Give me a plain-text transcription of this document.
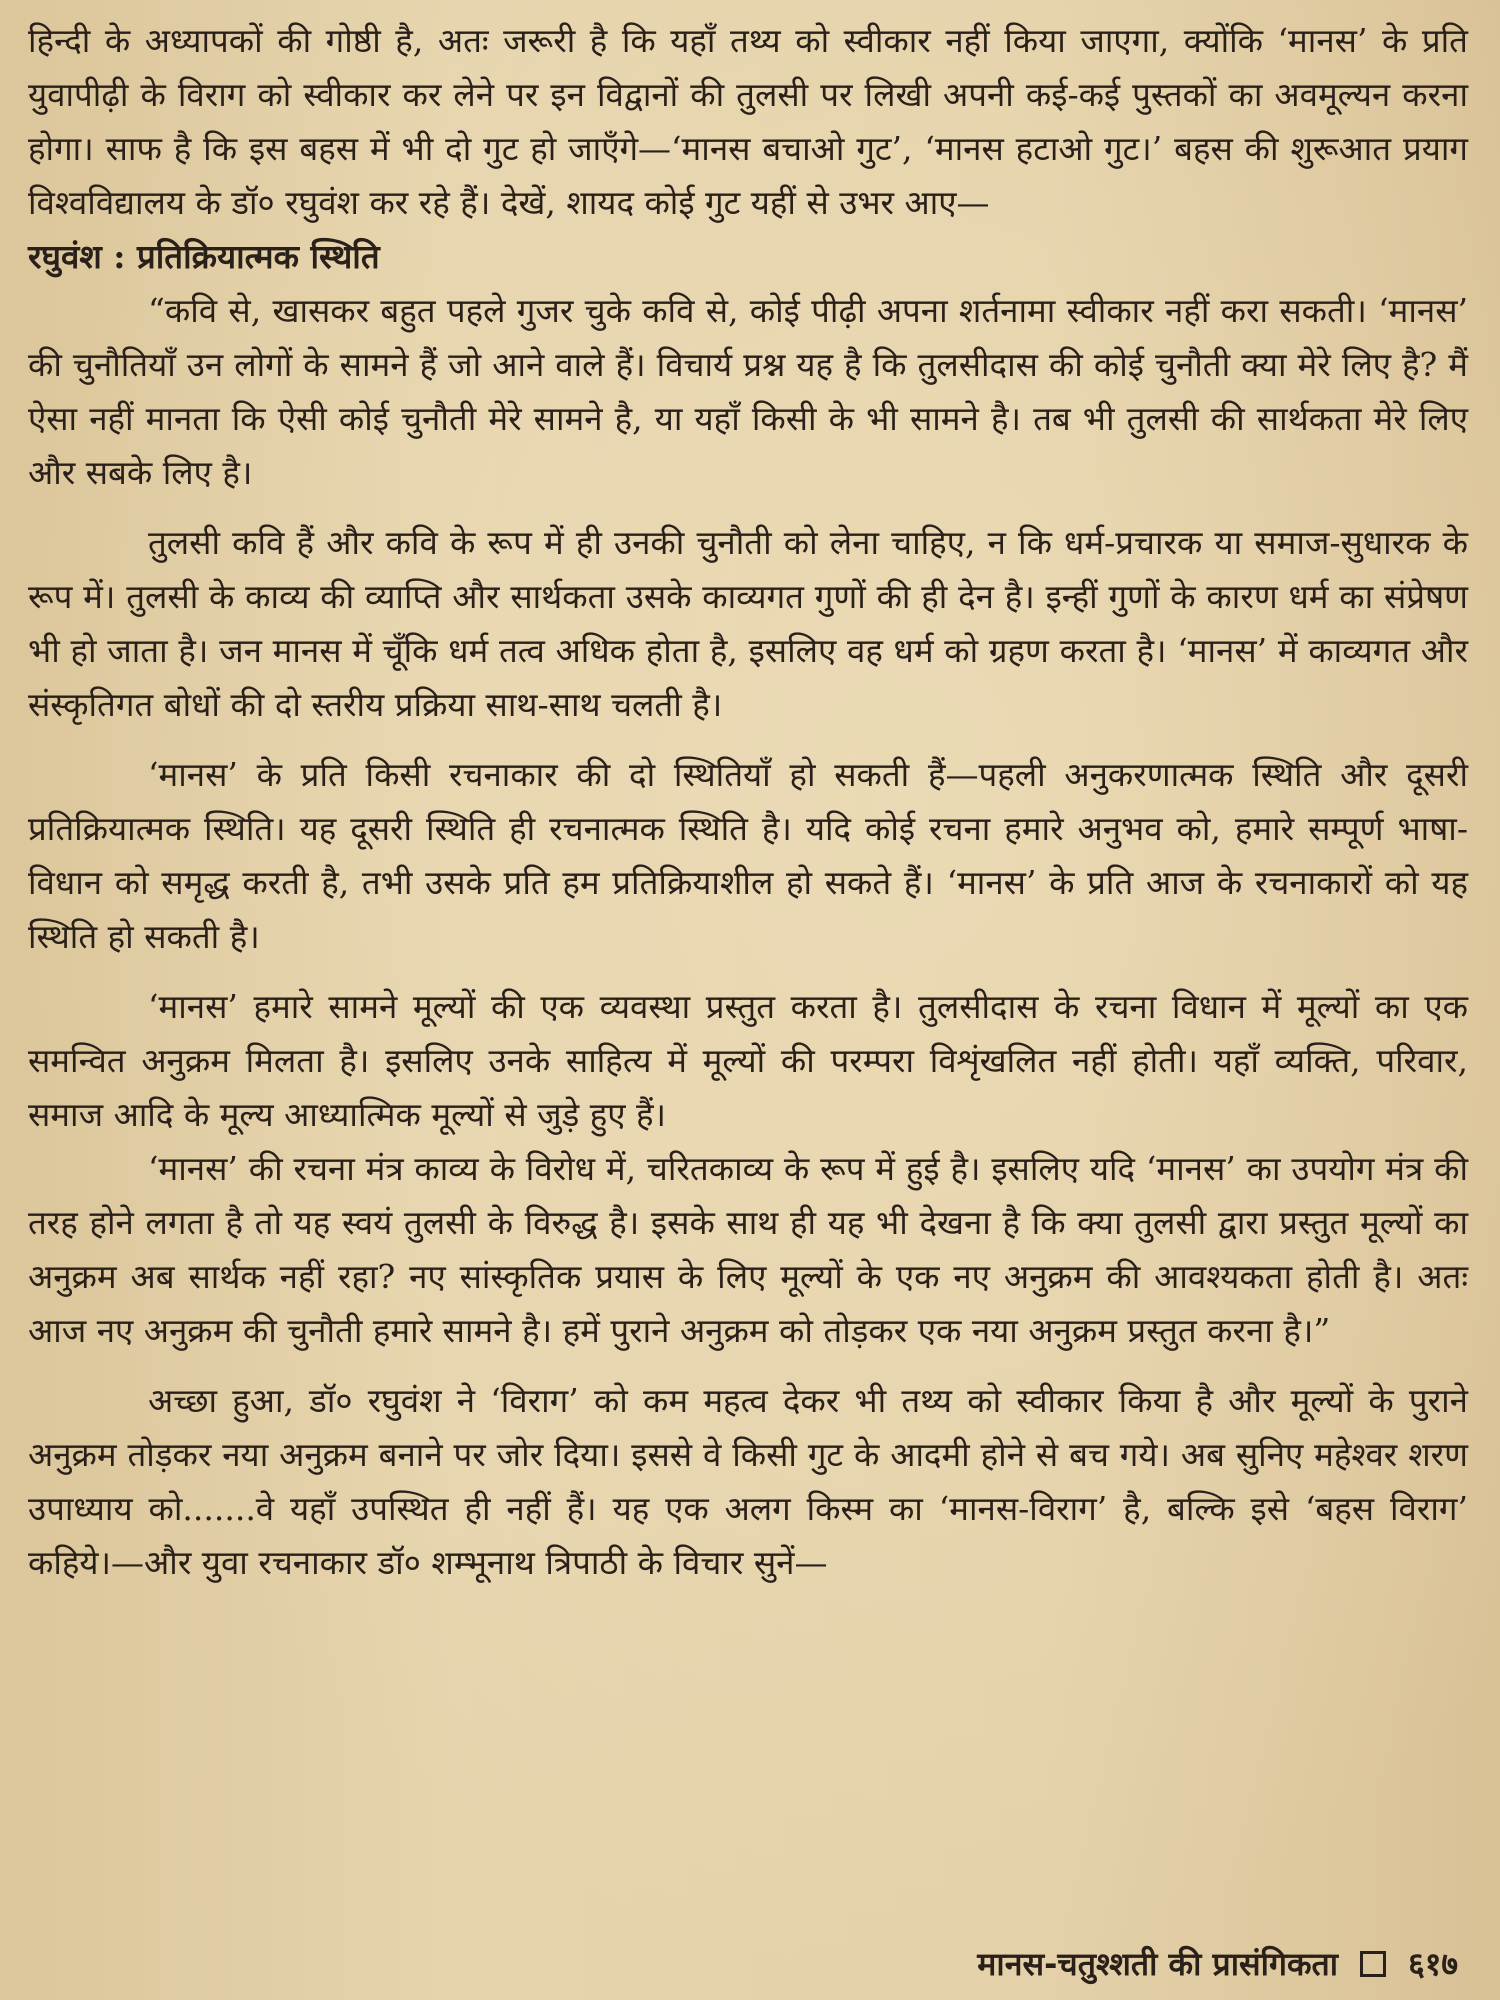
हिन्दी के अध्यापकों की गोष्ठी है, अतः जरूरी है कि यहाँ तथ्य को स्वीकार नहीं किया जाएगा, क्योंकि ‘मानस’ के प्रति युवापीढ़ी के विराग को स्वीकार कर लेने पर इन विद्वानों की तुलसी पर लिखी अपनी कई-कई पुस्तकों का अवमूल्यन करना होगा। साफ है कि इस बहस में भी दो गुट हो जाएँगे—‘मानस बचाओ गुट’, ‘मानस हटाओ गुट।’ बहस की शुरूआत प्रयाग विश्वविद्यालय के डॉ० रघुवंश कर रहे हैं। देखें, शायद कोई गुट यहीं से उभर आए—

रघुवंश : प्रतिक्रियात्मक स्थिति

“कवि से, खासकर बहुत पहले गुजर चुके कवि से, कोई पीढ़ी अपना शर्तनामा स्वीकार नहीं करा सकती। ‘मानस’ की चुनौतियाँ उन लोगों के सामने हैं जो आने वाले हैं। विचार्य प्रश्न यह है कि तुलसीदास की कोई चुनौती क्या मेरे लिए है? मैं ऐसा नहीं मानता कि ऐसी कोई चुनौती मेरे सामने है, या यहाँ किसी के भी सामने है। तब भी तुलसी की सार्थकता मेरे लिए और सबके लिए है।

तुलसी कवि हैं और कवि के रूप में ही उनकी चुनौती को लेना चाहिए, न कि धर्म-प्रचारक या समाज-सुधारक के रूप में। तुलसी के काव्य की व्याप्ति और सार्थकता उसके काव्यगत गुणों की ही देन है। इन्हीं गुणों के कारण धर्म का संप्रेषण भी हो जाता है। जन मानस में चूँकि धर्म तत्व अधिक होता है, इसलिए वह धर्म को ग्रहण करता है। ‘मानस’ में काव्यगत और संस्कृतिगत बोधों की दो स्तरीय प्रक्रिया साथ-साथ चलती है।

‘मानस’ के प्रति किसी रचनाकार की दो स्थितियाँ हो सकती हैं—पहली अनुकरणात्मक स्थिति और दूसरी प्रतिक्रियात्मक स्थिति। यह दूसरी स्थिति ही रचनात्मक स्थिति है। यदि कोई रचना हमारे अनुभव को, हमारे सम्पूर्ण भाषा-विधान को समृद्ध करती है, तभी उसके प्रति हम प्रतिक्रियाशील हो सकते हैं। ‘मानस’ के प्रति आज के रचनाकारों को यह स्थिति हो सकती है।

‘मानस’ हमारे सामने मूल्यों की एक व्यवस्था प्रस्तुत करता है। तुलसीदास के रचना विधान में मूल्यों का एक समन्वित अनुक्रम मिलता है। इसलिए उनके साहित्य में मूल्यों की परम्परा विशृंखलित नहीं होती। यहाँ व्यक्ति, परिवार, समाज आदि के मूल्य आध्यात्मिक मूल्यों से जुड़े हुए हैं।

‘मानस’ की रचना मंत्र काव्य के विरोध में, चरितकाव्य के रूप में हुई है। इसलिए यदि ‘मानस’ का उपयोग मंत्र की तरह होने लगता है तो यह स्वयं तुलसी के विरुद्ध है। इसके साथ ही यह भी देखना है कि क्या तुलसी द्वारा प्रस्तुत मूल्यों का अनुक्रम अब सार्थक नहीं रहा? नए सांस्कृतिक प्रयास के लिए मूल्यों के एक नए अनुक्रम की आवश्यकता होती है। अतः आज नए अनुक्रम की चुनौती हमारे सामने है। हमें पुराने अनुक्रम को तोड़कर एक नया अनुक्रम प्रस्तुत करना है।”

अच्छा हुआ, डॉ० रघुवंश ने ‘विराग’ को कम महत्व देकर भी तथ्य को स्वीकार किया है और मूल्यों के पुराने अनुक्रम तोड़कर नया अनुक्रम बनाने पर जोर दिया। इससे वे किसी गुट के आदमी होने से बच गये। अब सुनिए महेश्वर शरण उपाध्याय को.......वे यहाँ उपस्थित ही नहीं हैं। यह एक अलग किस्म का ‘मानस-विराग’ है, बल्कि इसे ‘बहस विराग’ कहिये।—और युवा रचनाकार डॉ० शम्भूनाथ त्रिपाठी के विचार सुनें—

मानस-चतुश्शती की प्रासंगिकता ६१७
